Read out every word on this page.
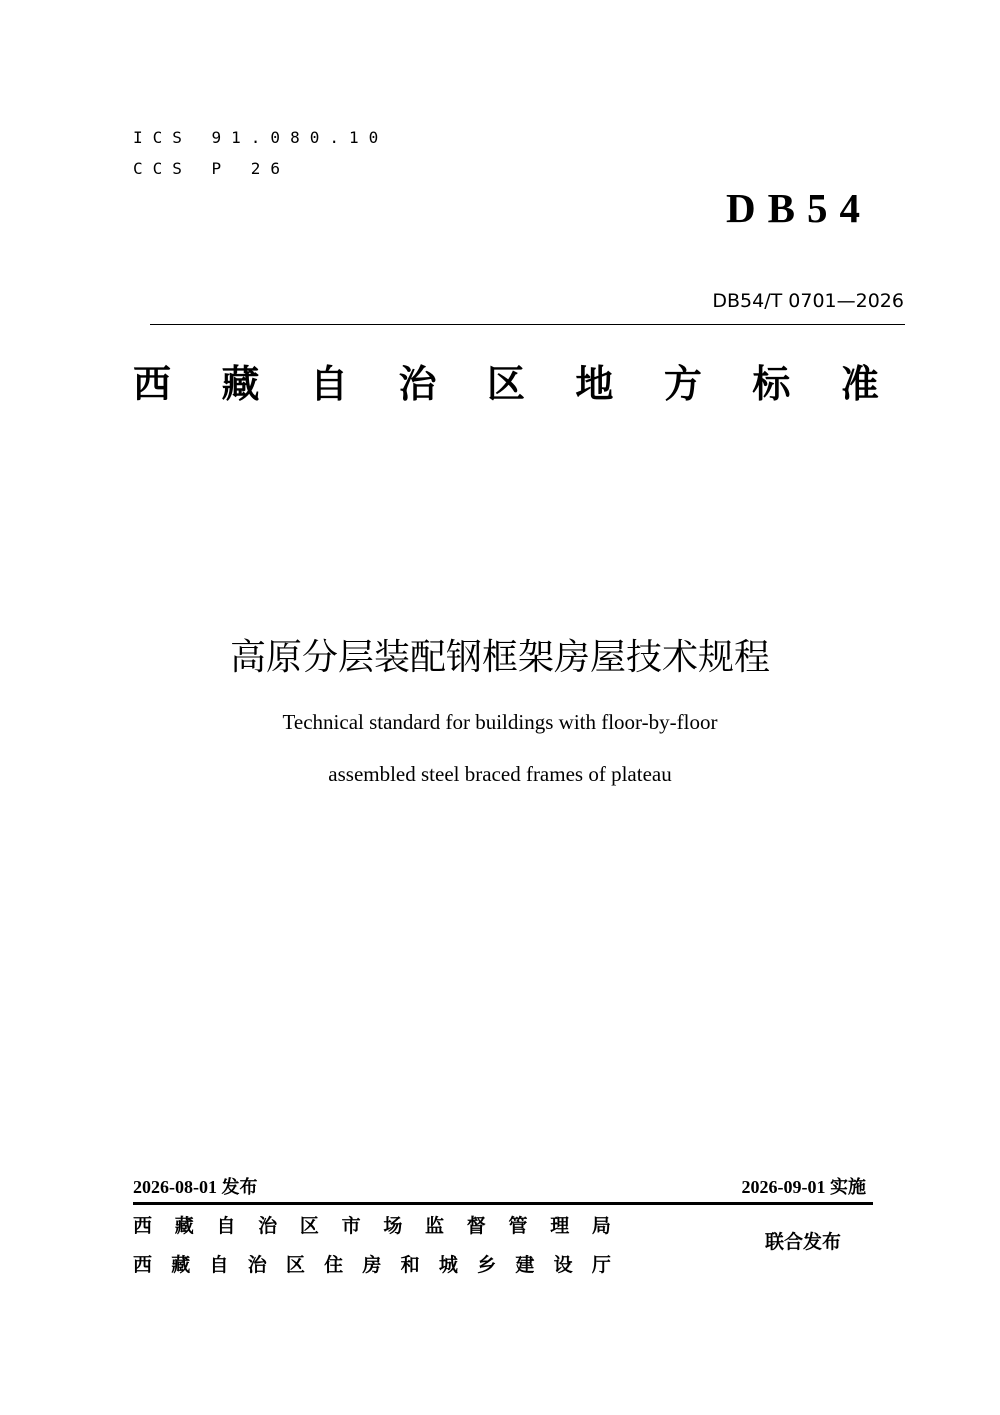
ICS 91.080.10
CCS P 26
DB54
DB54/T 0701—2026
西 藏 自 治 区 地 方 标 准
高原分层装配钢框架房屋技术规程
Technical standard for buildings with floor-by-floor
assembled steel braced frames of plateau
2026-08-01 发布	2026-09-01 实施
西 藏 自 治 区 市 场 监 督 管 理 局
西 藏 自 治 区 住 房 和 城 乡 建 设 厅
联合发布
